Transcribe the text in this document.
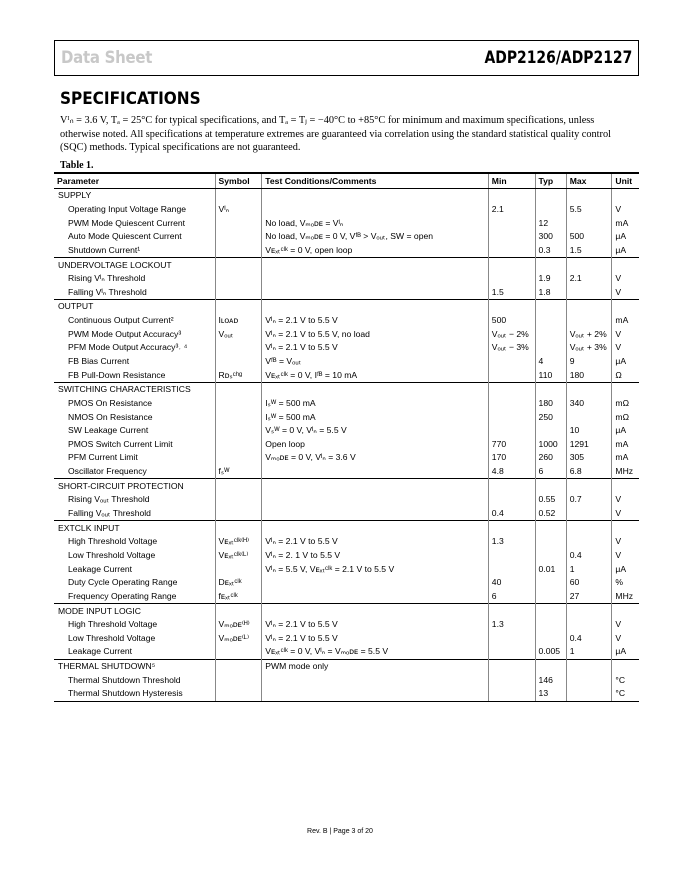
Data Sheet	ADP2126/ADP2127
SPECIFICATIONS
Vᴵₙ = 3.6 V, Tₐ = 25°C for typical specifications, and Tₐ = Tⱼ = −40°C to +85°C for minimum and maximum specifications, unless otherwise noted. All specifications at temperature extremes are guaranteed via correlation using the standard statistical quality control (SQC) methods. Typical specifications are not guaranteed.
Table 1.
Parameter	Symbol	Test Conditions/Comments	Min	Typ	Max	Unit
SUPPLY						
Operating Input Voltage Range	Vᴵₙ		2.1		5.5	V
PWM Mode Quiescent Current		No load, Vₘₒᴅᴇ = Vᴵₙ		12		mA
Auto Mode Quiescent Current		No load, Vₘₒᴅᴇ = 0 V, Vᶠᴮ > Vₒᵤₜ, SW = open		300	500	μA
Shutdown Current¹		Vᴇₓₜᶜˡᵏ = 0 V, open loop		0.3	1.5	μA
UNDERVOLTAGE LOCKOUT						
Rising Vᴵₙ Threshold				1.9	2.1	V
Falling Vᴵₙ Threshold			1.5	1.8		V
OUTPUT						
Continuous Output Current²	Iʟᴏᴀᴅ	Vᴵₙ = 2.1 V to 5.5 V	500			mA
PWM Mode Output Accuracy³	Vₒᵤₜ	Vᴵₙ = 2.1 V to 5.5 V, no load	Vₒᵤₜ − 2%		Vₒᵤₜ + 2%	V
PFM Mode Output Accuracy³˒ ⁴		Vᴵₙ = 2.1 V to 5.5 V	Vₒᵤₜ − 3%		Vₒᵤₜ + 3%	V
FB Bias Current		Vᶠᴮ = Vₒᵤₜ		4	9	μA
FB Pull-Down Resistance	Rᴅₛᶜʰᵍ	Vᴇₓₜᶜˡᵏ = 0 V, Iᶠᴮ = 10 mA		110	180	Ω
SWITCHING CHARACTERISTICS						
PMOS On Resistance		Iₛᵂ = 500 mA		180	340	mΩ
NMOS On Resistance		Iₛᵂ = 500 mA		250		mΩ
SW Leakage Current		Vₛᵂ = 0 V, Vᴵₙ = 5.5 V			10	μA
PMOS Switch Current Limit		Open loop	770	1000	1291	mA
PFM Current Limit		Vₘₒᴅᴇ = 0 V, Vᴵₙ = 3.6 V	170	260	305	mA
Oscillator Frequency	fₛᵂ		4.8	6	6.8	MHz
SHORT-CIRCUIT PROTECTION						
Rising Vₒᵤₜ Threshold				0.55	0.7	V
Falling Vₒᵤₜ Threshold			0.4	0.52		V
EXTCLK INPUT						
High Threshold Voltage	Vᴇₓₜᶜˡᵏ⁽ᴴ⁾	Vᴵₙ = 2.1 V to 5.5 V	1.3			V
Low Threshold Voltage	Vᴇₓₜᶜˡᵏ⁽ᴸ⁾	Vᴵₙ = 2. 1 V to 5.5 V			0.4	V
Leakage Current		Vᴵₙ = 5.5 V, Vᴇₓₜᶜˡᵏ = 2.1 V to 5.5 V		0.01	1	μA
Duty Cycle Operating Range	Dᴇₓₜᶜˡᵏ		40		60	%
Frequency Operating Range	fᴇₓₜᶜˡᵏ		6		27	MHz
MODE INPUT LOGIC						
High Threshold Voltage	Vₘₒᴅᴇ⁽ᴴ⁾	Vᴵₙ = 2.1 V to 5.5 V	1.3			V
Low Threshold Voltage	Vₘₒᴅᴇ⁽ᴸ⁾	Vᴵₙ = 2.1 V to 5.5 V			0.4	V
Leakage Current		Vᴇₓₜᶜˡᵏ = 0 V, Vᴵₙ = Vₘₒᴅᴇ = 5.5 V		0.005	1	μA
THERMAL SHUTDOWN⁵		PWM mode only				
Thermal Shutdown Threshold				146		°C
Thermal Shutdown Hysteresis				13		°C
Rev. B | Page 3 of 20
